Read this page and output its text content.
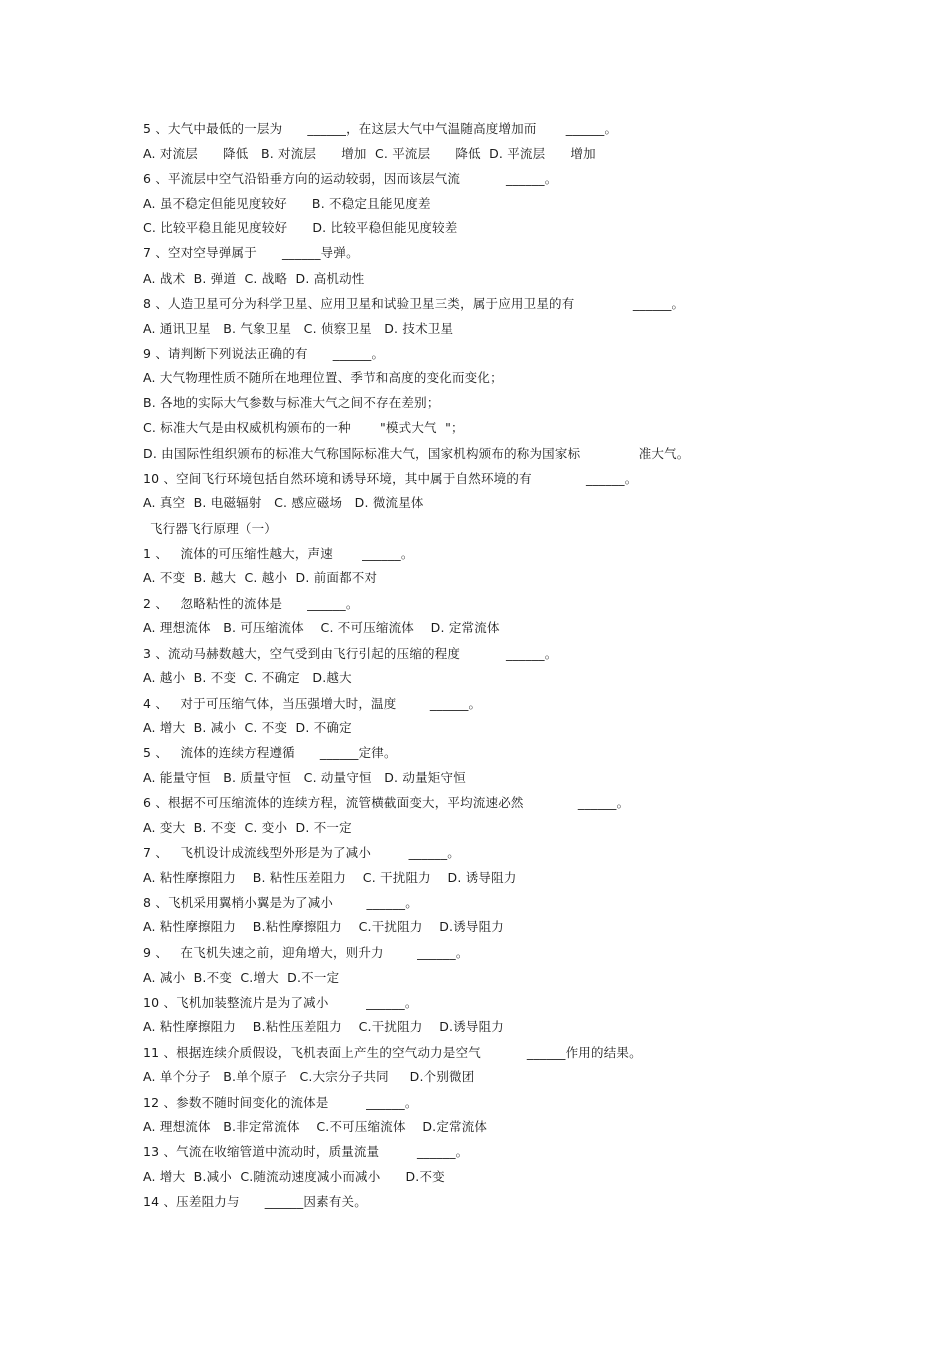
5 、大气中最低的一层为      ______，在这层大气中气温随高度增加而       ______。
A. 对流层      降低   B. 对流层      增加  C. 平流层      降低  D. 平流层      增加
6 、平流层中空气沿铅垂方向的运动较弱，因而该层气流           ______。
A. 虽不稳定但能见度较好      B. 不稳定且能见度差
C. 比较平稳且能见度较好      D. 比较平稳但能见度较差
7 、空对空导弹属于      ______导弹。
A. 战术  B. 弹道  C. 战略  D. 高机动性
8 、人造卫星可分为科学卫星、应用卫星和试验卫星三类，属于应用卫星的有              ______。
A. 通讯卫星   B. 气象卫星   C. 侦察卫星   D. 技术卫星
9 、请判断下列说法正确的有      ______。
A. 大气物理性质不随所在地理位置、季节和高度的变化而变化；
B. 各地的实际大气参数与标准大气之间不存在差别；
C. 标准大气是由权威机构颁布的一种       "模式大气  "；
D. 由国际性组织颁布的标准大气称国际标准大气，国家机构颁布的称为国家标              准大气。
10 、空间飞行环境包括自然环境和诱导环境，其中属于自然环境的有             ______。
A. 真空  B. 电磁辐射   C. 感应磁场   D. 微流星体
飞行器飞行原理（一）
1 、   流体的可压缩性越大，声速       ______。
A. 不变  B. 越大  C. 越小  D. 前面都不对
2 、   忽略粘性的流体是      ______。
A. 理想流体   B. 可压缩流体    C. 不可压缩流体    D. 定常流体
3 、流动马赫数越大，空气受到由飞行引起的压缩的程度           ______。
A. 越小  B. 不变  C. 不确定   D.越大
4 、   对于可压缩气体，当压强增大时，温度        ______。
A. 增大  B. 减小  C. 不变  D. 不确定
5 、   流体的连续方程遵循      ______定律。
A. 能量守恒   B. 质量守恒   C. 动量守恒   D. 动量矩守恒
6 、根据不可压缩流体的连续方程，流管横截面变大，平均流速必然             ______。
A. 变大  B. 不变  C. 变小  D. 不一定
7 、   飞机设计成流线型外形是为了减小         ______。
A. 粘性摩擦阻力    B. 粘性压差阻力    C. 干扰阻力    D. 诱导阻力
8 、飞机采用翼梢小翼是为了减小        ______。
A. 粘性摩擦阻力    B.粘性摩擦阻力    C.干扰阻力    D.诱导阻力
9 、   在飞机失速之前，迎角增大，则升力        ______。
A. 减小  B.不变  C.增大  D.不一定
10 、飞机加装整流片是为了减小         ______。
A. 粘性摩擦阻力    B.粘性压差阻力    C.干扰阻力    D.诱导阻力
11 、根据连续介质假设，飞机表面上产生的空气动力是空气           ______作用的结果。
A. 单个分子   B.单个原子   C.大宗分子共同     D.个别微团
12 、参数不随时间变化的流体是         ______。
A. 理想流体   B.非定常流体    C.不可压缩流体    D.定常流体
13 、气流在收缩管道中流动时，质量流量         ______。
A. 增大  B.减小  C.随流动速度减小而减小      D.不变
14 、压差阻力与      ______因素有关。
